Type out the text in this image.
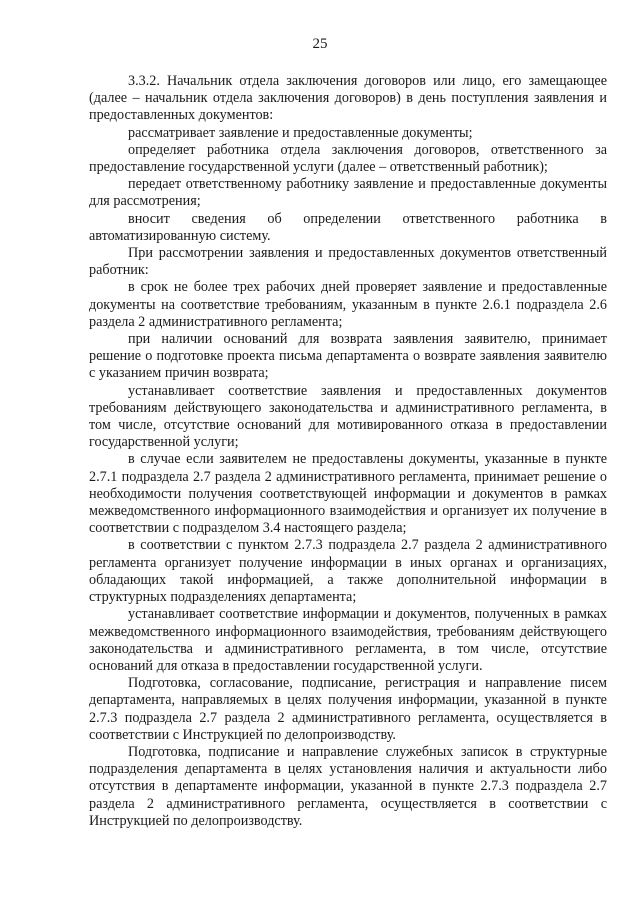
25

3.3.2. Начальник отдела заключения договоров или лицо, его замещающее (далее – начальник отдела заключения договоров) в день поступления заявления и предоставленных документов:

рассматривает заявление и предоставленные документы;

определяет работника отдела заключения договоров, ответственного за предоставление государственной услуги (далее – ответственный работник);

передает ответственному работнику заявление и предоставленные документы для рассмотрения;

вносит сведения об определении ответственного работника в автоматизированную систему.

При рассмотрении заявления и предоставленных документов ответственный работник:

в срок не более трех рабочих дней проверяет заявление и предоставленные документы на соответствие требованиям, указанным в пункте 2.6.1 подраздела 2.6 раздела 2 административного регламента;

при наличии оснований для возврата заявления заявителю, принимает решение о подготовке проекта письма департамента о возврате заявления заявителю с указанием причин возврата;

устанавливает соответствие заявления и предоставленных документов требованиям действующего законодательства и административного регламента, в том числе, отсутствие оснований для мотивированного отказа в предоставлении государственной услуги;

в случае если заявителем не предоставлены документы, указанные в пункте 2.7.1 подраздела 2.7 раздела 2 административного регламента, принимает решение о необходимости получения соответствующей информации и документов в рамках межведомственного информационного взаимодействия и организует их получение в соответствии с подразделом 3.4 настоящего раздела;

в соответствии с пунктом 2.7.3 подраздела 2.7 раздела 2 административного регламента организует получение информации в иных органах и организациях, обладающих такой информацией, а также дополнительной информации в структурных подразделениях департамента;

устанавливает соответствие информации и документов, полученных в рамках межведомственного информационного взаимодействия, требованиям действующего законодательства и административного регламента, в том числе, отсутствие оснований для отказа в предоставлении государственной услуги.

Подготовка, согласование, подписание, регистрация и направление писем департамента, направляемых в целях получения информации, указанной в пункте 2.7.3 подраздела 2.7 раздела 2 административного регламента, осуществляется в соответствии с Инструкцией по делопроизводству.

Подготовка, подписание и направление служебных записок в структурные подразделения департамента в целях установления наличия и актуальности либо отсутствия в департаменте информации, указанной в пункте 2.7.3 подраздела 2.7 раздела 2 административного регламента, осуществляется в соответствии с Инструкцией по делопроизводству.
